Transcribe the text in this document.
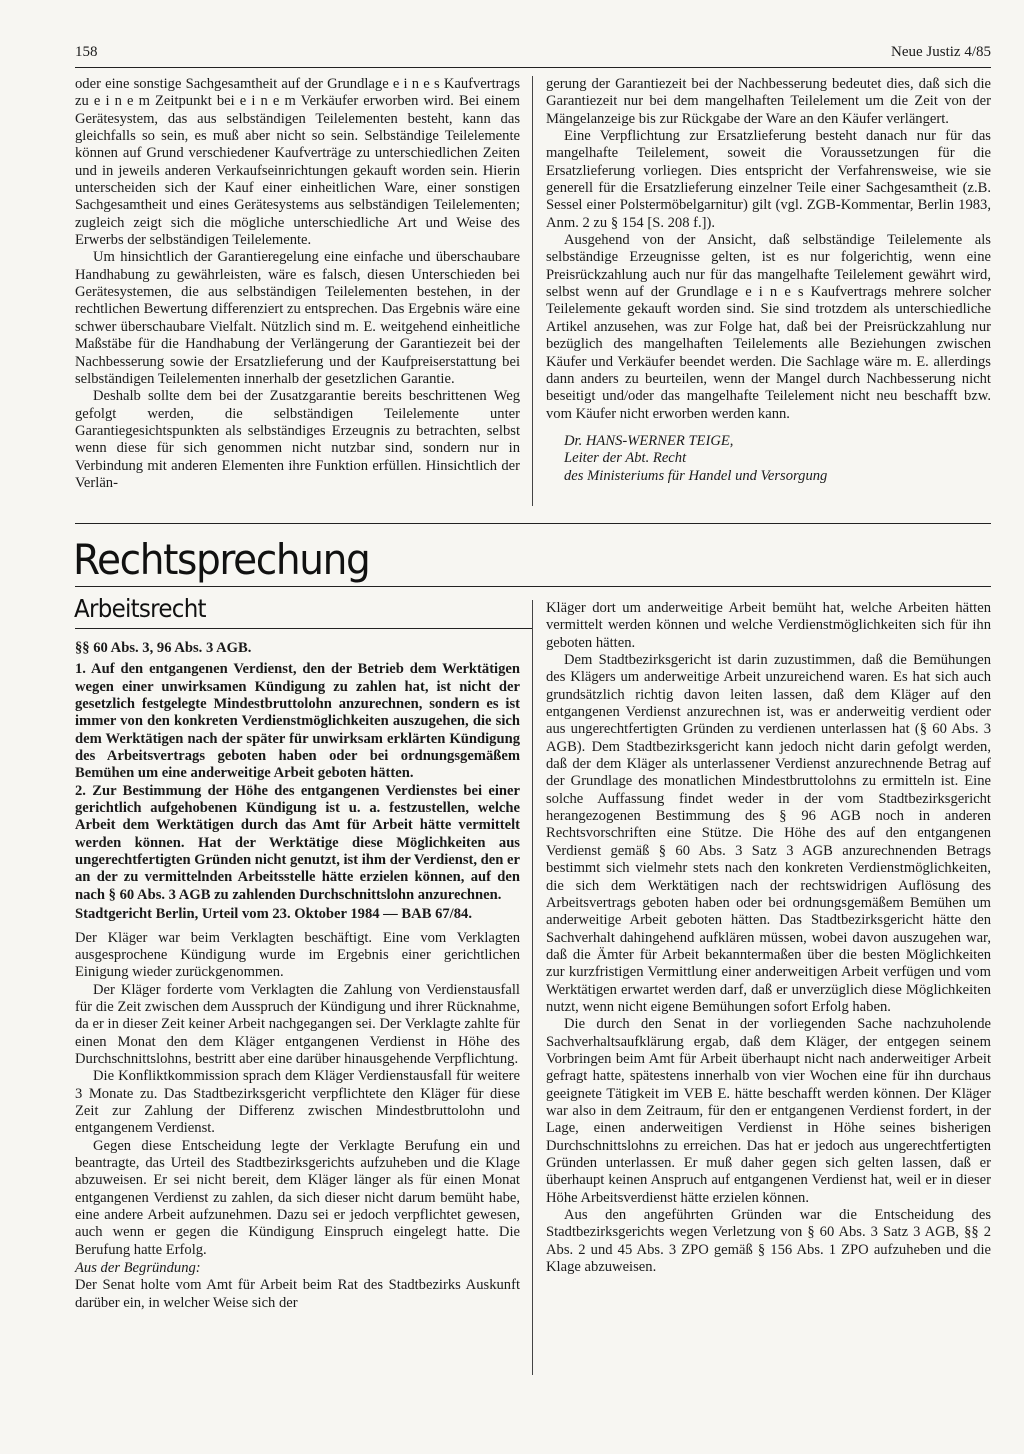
158	Neue Justiz 4/85

oder eine sonstige Sachgesamtheit auf der Grundlage e i n e s Kaufvertrags zu e i n e m Zeitpunkt bei e i n e m Verkäufer erworben wird. Bei einem Gerätesystem, das aus selbständigen Teilelementen besteht, kann das gleichfalls so sein, es muß aber nicht so sein. Selbständige Teilelemente können auf Grund verschiedener Kaufverträge zu unterschiedlichen Zeiten und in jeweils anderen Verkaufseinrichtungen gekauft worden sein. Hierin unterscheiden sich der Kauf einer einheitlichen Ware, einer sonstigen Sachgesamtheit und eines Gerätesystems aus selbständigen Teilelementen; zugleich zeigt sich die mögliche unterschiedliche Art und Weise des Erwerbs der selbständigen Teilelemente.

Um hinsichtlich der Garantieregelung eine einfache und überschaubare Handhabung zu gewährleisten, wäre es falsch, diesen Unterschieden bei Gerätesystemen, die aus selbständigen Teilelementen bestehen, in der rechtlichen Bewertung differenziert zu entsprechen. Das Ergebnis wäre eine schwer überschaubare Vielfalt. Nützlich sind m. E. weitgehend einheitliche Maßstäbe für die Handhabung der Verlängerung der Garantiezeit bei der Nachbesserung sowie der Ersatzlieferung und der Kaufpreiserstattung bei selbständigen Teilelementen innerhalb der gesetzlichen Garantie.

Deshalb sollte dem bei der Zusatzgarantie bereits beschrittenen Weg gefolgt werden, die selbständigen Teilelemente unter Garantiegesichtspunkten als selbständiges Erzeugnis zu betrachten, selbst wenn diese für sich genommen nicht nutzbar sind, sondern nur in Verbindung mit anderen Elementen ihre Funktion erfüllen. Hinsichtlich der Verlän-

gerung der Garantiezeit bei der Nachbesserung bedeutet dies, daß sich die Garantiezeit nur bei dem mangelhaften Teilelement um die Zeit von der Mängelanzeige bis zur Rückgabe der Ware an den Käufer verlängert.

Eine Verpflichtung zur Ersatzlieferung besteht danach nur für das mangelhafte Teilelement, soweit die Voraussetzungen für die Ersatzlieferung vorliegen. Dies entspricht der Verfahrensweise, wie sie generell für die Ersatzlieferung einzelner Teile einer Sachgesamtheit (z.B. Sessel einer Polstermöbelgarnitur) gilt (vgl. ZGB-Kommentar, Berlin 1983, Anm. 2 zu § 154 [S. 208 f.]).

Ausgehend von der Ansicht, daß selbständige Teilelemente als selbständige Erzeugnisse gelten, ist es nur folgerichtig, wenn eine Preisrückzahlung auch nur für das mangelhafte Teilelement gewährt wird, selbst wenn auf der Grundlage e i n e s Kaufvertrags mehrere solcher Teilelemente gekauft worden sind. Sie sind trotzdem als unterschiedliche Artikel anzusehen, was zur Folge hat, daß bei der Preisrückzahlung nur bezüglich des mangelhaften Teilelements alle Beziehungen zwischen Käufer und Verkäufer beendet werden. Die Sachlage wäre m. E. allerdings dann anders zu beurteilen, wenn der Mangel durch Nachbesserung nicht beseitigt und/oder das mangelhafte Teilelement nicht neu beschafft bzw. vom Käufer nicht erworben werden kann.

Dr. HANS-WERNER TEIGE,
Leiter der Abt. Recht
des Ministeriums für Handel und Versorgung
Rechtsprechung
Arbeitsrecht

§§ 60 Abs. 3, 96 Abs. 3 AGB.

1. Auf den entgangenen Verdienst, den der Betrieb dem Werktätigen wegen einer unwirksamen Kündigung zu zahlen hat, ist nicht der gesetzlich festgelegte Mindestbruttolohn anzurechnen, sondern es ist immer von den konkreten Verdienstmöglichkeiten auszugehen, die sich dem Werktätigen nach der später für unwirksam erklärten Kündigung des Arbeitsvertrags geboten haben oder bei ordnungsgemäßem Bemühen um eine anderweitige Arbeit geboten hätten.

2. Zur Bestimmung der Höhe des entgangenen Verdienstes bei einer gerichtlich aufgehobenen Kündigung ist u. a. festzustellen, welche Arbeit dem Werktätigen durch das Amt für Arbeit hätte vermittelt werden können. Hat der Werktätige diese Möglichkeiten aus ungerechtfertigten Gründen nicht genutzt, ist ihm der Verdienst, den er an der zu vermittelnden Arbeitsstelle hätte erzielen können, auf den nach § 60 Abs. 3 AGB zu zahlenden Durchschnittslohn anzurechnen.

Stadtgericht Berlin, Urteil vom 23. Oktober 1984 — BAB 67/84.

Der Kläger war beim Verklagten beschäftigt. Eine vom Verklagten ausgesprochene Kündigung wurde im Ergebnis einer gerichtlichen Einigung wieder zurückgenommen.

Der Kläger forderte vom Verklagten die Zahlung von Verdienstausfall für die Zeit zwischen dem Ausspruch der Kündigung und ihrer Rücknahme, da er in dieser Zeit keiner Arbeit nachgegangen sei. Der Verklagte zahlte für einen Monat den dem Kläger entgangenen Verdienst in Höhe des Durchschnittslohns, bestritt aber eine darüber hinausgehende Verpflichtung.

Die Konfliktkommission sprach dem Kläger Verdienstausfall für weitere 3 Monate zu. Das Stadtbezirksgericht verpflichtete den Kläger für diese Zeit zur Zahlung der Differenz zwischen Mindestbruttolohn und entgangenem Verdienst.

Gegen diese Entscheidung legte der Verklagte Berufung ein und beantragte, das Urteil des Stadtbezirksgerichts aufzuheben und die Klage abzuweisen. Er sei nicht bereit, dem Kläger länger als für einen Monat entgangenen Verdienst zu zahlen, da sich dieser nicht darum bemüht habe, eine andere Arbeit aufzunehmen. Dazu sei er jedoch verpflichtet gewesen, auch wenn er gegen die Kündigung Einspruch eingelegt hatte. Die Berufung hatte Erfolg.

Aus der Begründung:

Der Senat holte vom Amt für Arbeit beim Rat des Stadtbezirks Auskunft darüber ein, in welcher Weise sich der

Kläger dort um anderweitige Arbeit bemüht hat, welche Arbeiten hätten vermittelt werden können und welche Verdienstmöglichkeiten sich für ihn geboten hätten.

Dem Stadtbezirksgericht ist darin zuzustimmen, daß die Bemühungen des Klägers um anderweitige Arbeit unzureichend waren. Es hat sich auch grundsätzlich richtig davon leiten lassen, daß dem Kläger auf den entgangenen Verdienst anzurechnen ist, was er anderweitig verdient oder aus ungerechtfertigten Gründen zu verdienen unterlassen hat (§ 60 Abs. 3 AGB). Dem Stadtbezirksgericht kann jedoch nicht darin gefolgt werden, daß der dem Kläger als unterlassener Verdienst anzurechnende Betrag auf der Grundlage des monatlichen Mindestbruttolohns zu ermitteln ist. Eine solche Auffassung findet weder in der vom Stadtbezirksgericht herangezogenen Bestimmung des § 96 AGB noch in anderen Rechtsvorschriften eine Stütze. Die Höhe des auf den entgangenen Verdienst gemäß § 60 Abs. 3 Satz 3 AGB anzurechnenden Betrags bestimmt sich vielmehr stets nach den konkreten Verdienstmöglichkeiten, die sich dem Werktätigen nach der rechtswidrigen Auflösung des Arbeitsvertrags geboten haben oder bei ordnungsgemäßem Bemühen um anderweitige Arbeit geboten hätten. Das Stadtbezirksgericht hätte den Sachverhalt dahingehend aufklären müssen, wobei davon auszugehen war, daß die Ämter für Arbeit bekanntermaßen über die besten Möglichkeiten zur kurzfristigen Vermittlung einer anderweitigen Arbeit verfügen und vom Werktätigen erwartet werden darf, daß er unverzüglich diese Möglichkeiten nutzt, wenn nicht eigene Bemühungen sofort Erfolg haben.

Die durch den Senat in der vorliegenden Sache nachzuholende Sachverhaltsaufklärung ergab, daß dem Kläger, der entgegen seinem Vorbringen beim Amt für Arbeit überhaupt nicht nach anderweitiger Arbeit gefragt hatte, spätestens innerhalb von vier Wochen eine für ihn durchaus geeignete Tätigkeit im VEB E. hätte beschafft werden können. Der Kläger war also in dem Zeitraum, für den er entgangenen Verdienst fordert, in der Lage, einen anderweitigen Verdienst in Höhe seines bisherigen Durchschnittslohns zu erreichen. Das hat er jedoch aus ungerechtfertigten Gründen unterlassen. Er muß daher gegen sich gelten lassen, daß er überhaupt keinen Anspruch auf entgangenen Verdienst hat, weil er in dieser Höhe Arbeitsverdienst hätte erzielen können.

Aus den angeführten Gründen war die Entscheidung des Stadtbezirksgerichts wegen Verletzung von § 60 Abs. 3 Satz 3 AGB, §§ 2 Abs. 2 und 45 Abs. 3 ZPO gemäß § 156 Abs. 1 ZPO aufzuheben und die Klage abzuweisen.
